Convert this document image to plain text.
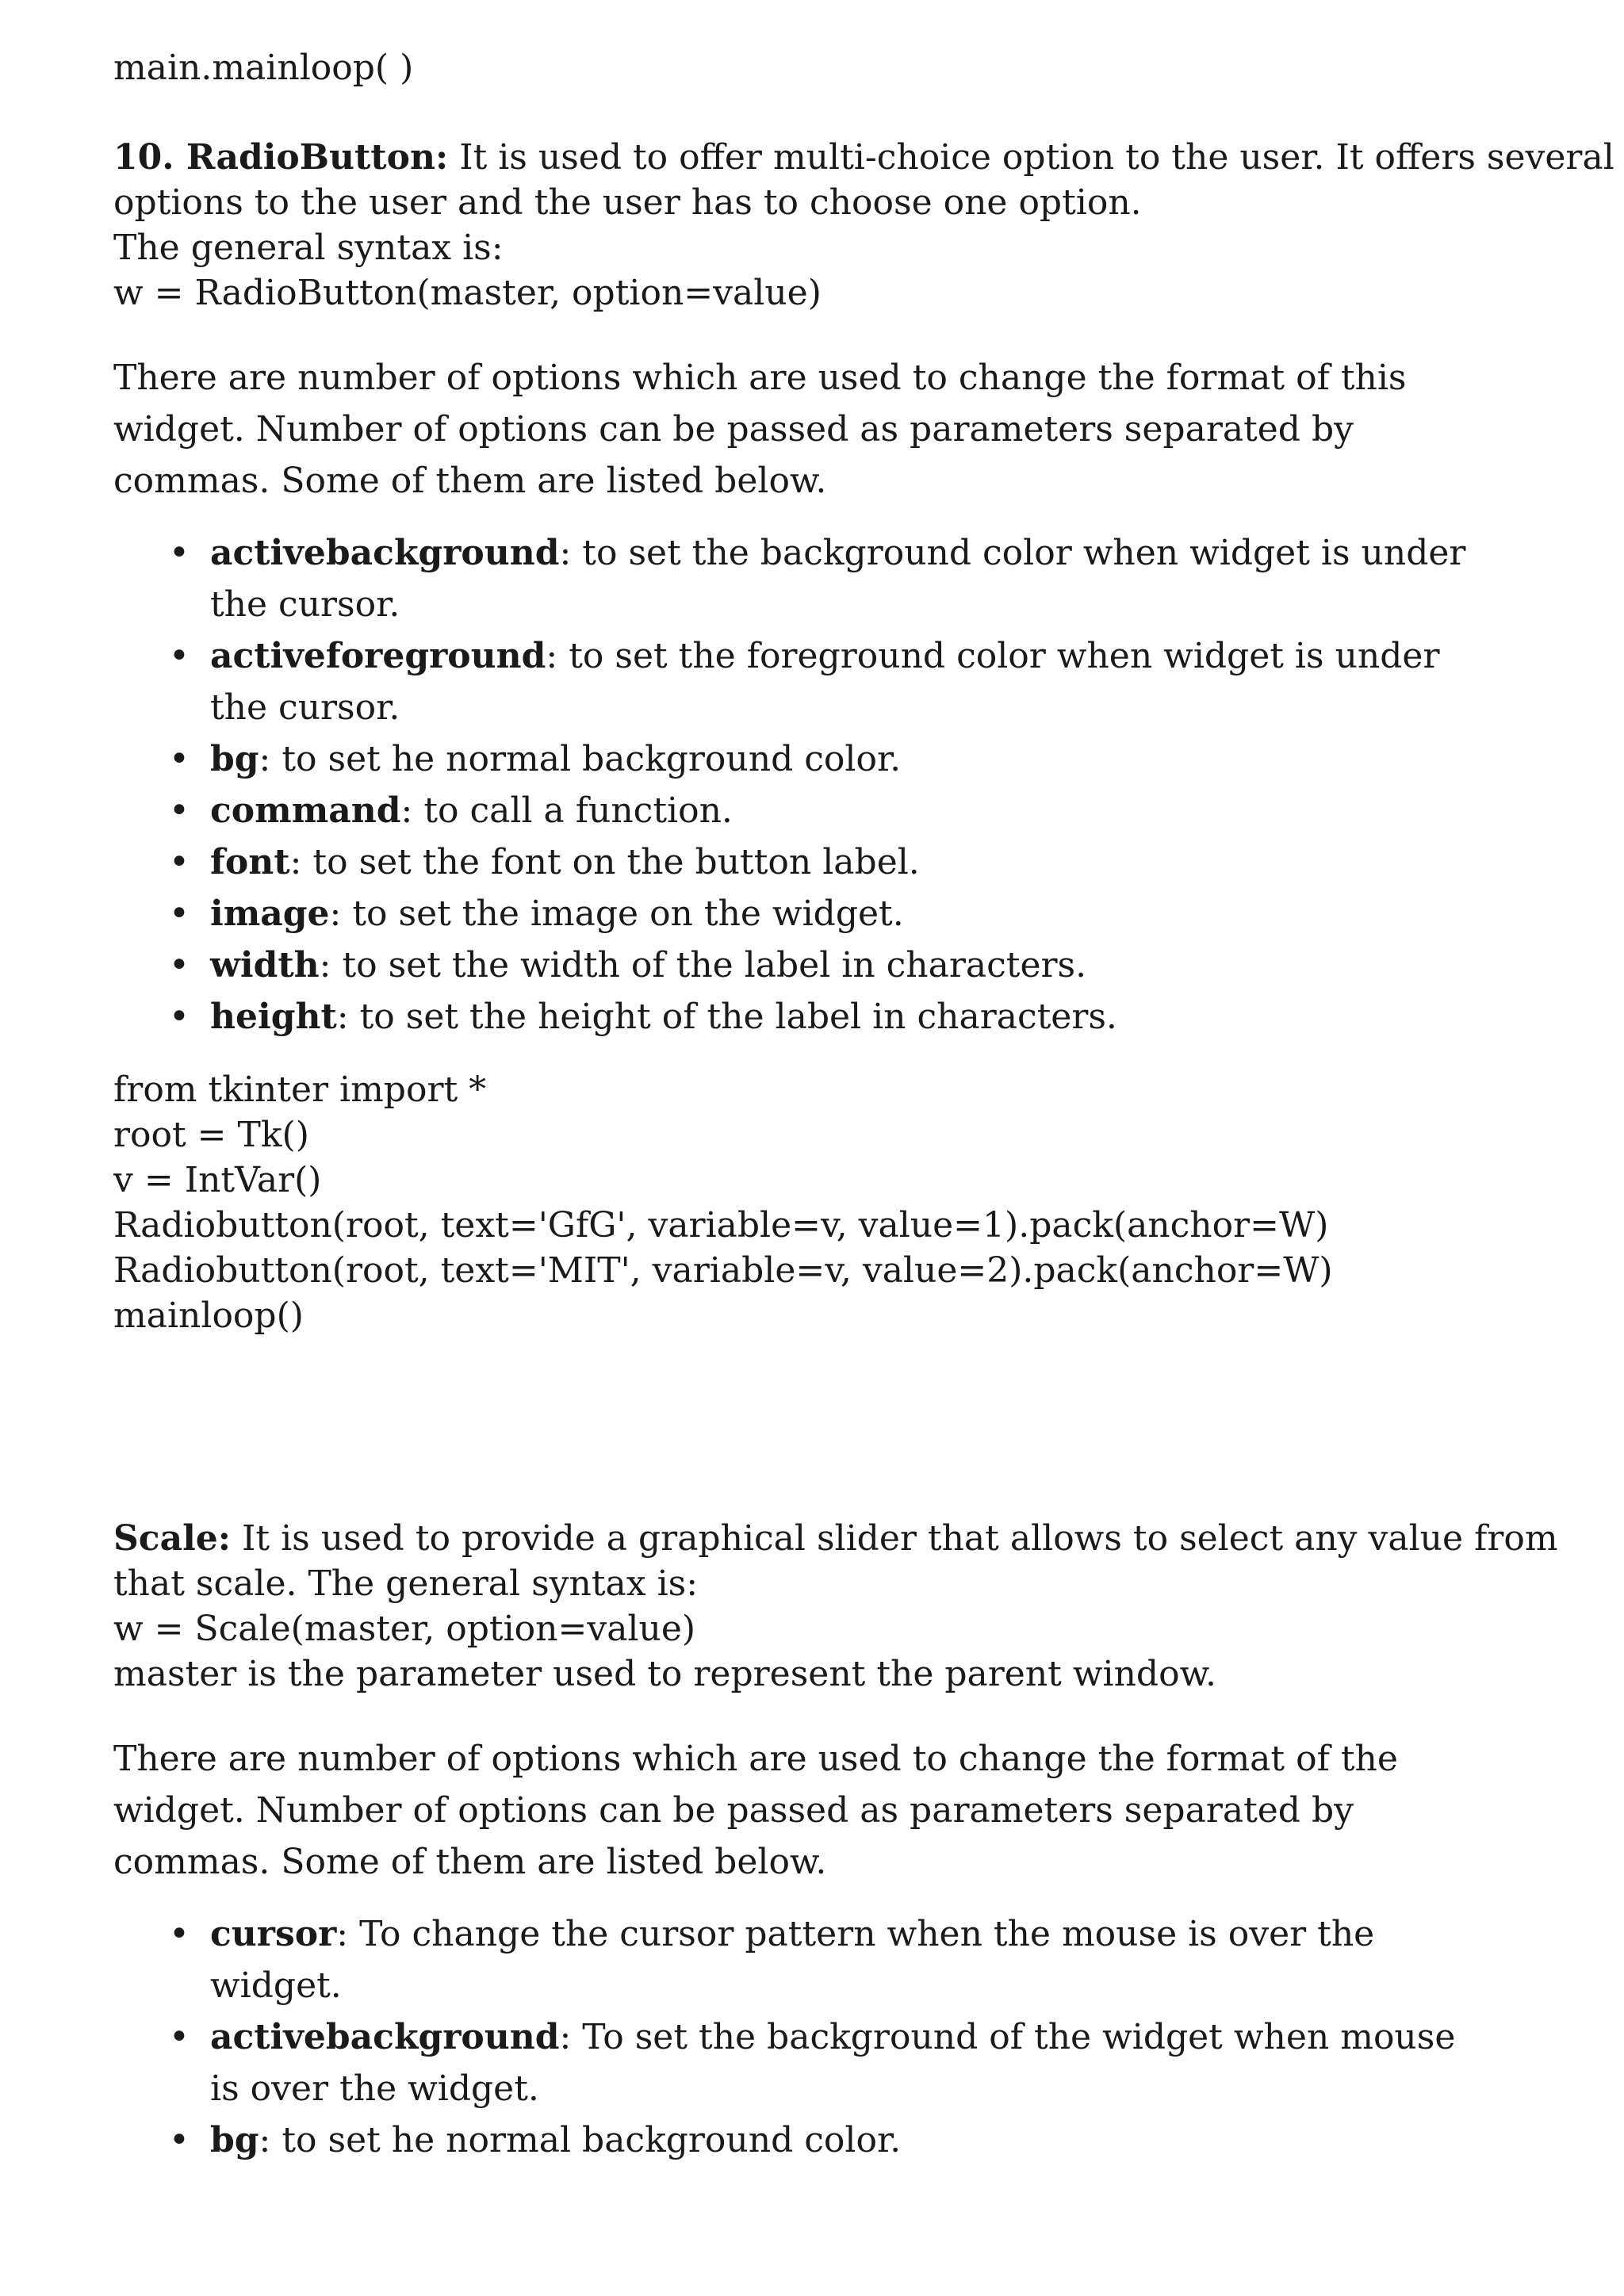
main.mainloop( )
10. RadioButton: It is used to offer multi-choice option to the user. It offers several
options to the user and the user has to choose one option.
The general syntax is:
w = RadioButton(master, option=value)
There are number of options which are used to change the format of this widget. Number of options can be passed as parameters separated by commas. Some of them are listed below.
• activebackground: to set the background color when widget is under the cursor.
• activeforeground: to set the foreground color when widget is under the cursor.
• bg: to set he normal background color.
• command: to call a function.
• font: to set the font on the button label.
• image: to set the image on the widget.
• width: to set the width of the label in characters.
• height: to set the height of the label in characters.
from tkinter import *
root = Tk()
v = IntVar()
Radiobutton(root, text='GfG', variable=v, value=1).pack(anchor=W)
Radiobutton(root, text='MIT', variable=v, value=2).pack(anchor=W)
mainloop()
Scale: It is used to provide a graphical slider that allows to select any value from
that scale. The general syntax is:
w = Scale(master, option=value)
master is the parameter used to represent the parent window.
There are number of options which are used to change the format of the widget. Number of options can be passed as parameters separated by commas. Some of them are listed below.
• cursor: To change the cursor pattern when the mouse is over the widget.
• activebackground: To set the background of the widget when mouse is over the widget.
• bg: to set he normal background color.
